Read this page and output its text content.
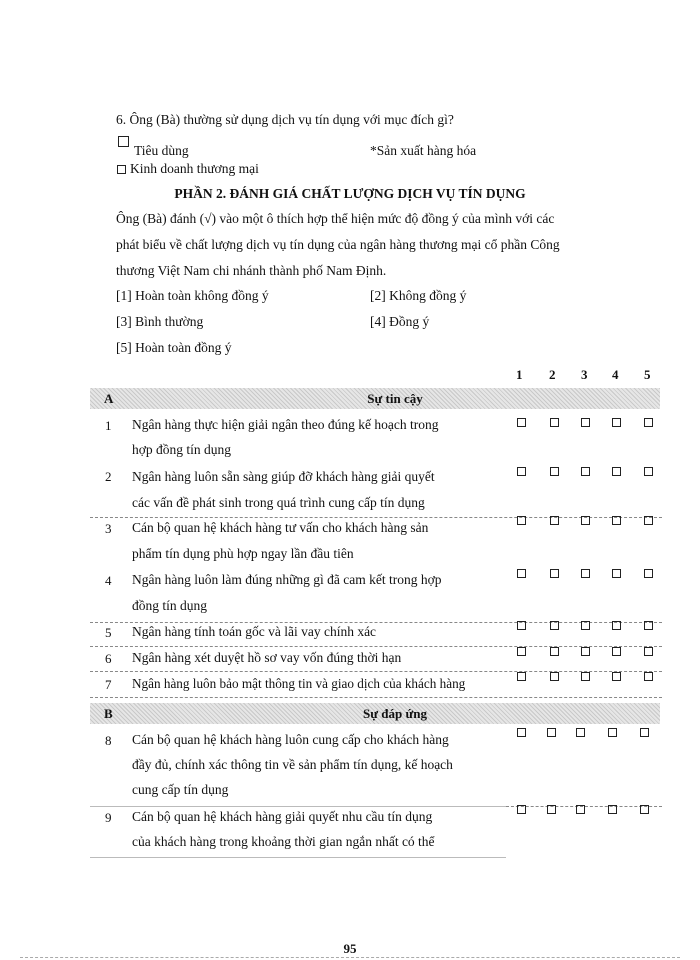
6. Ông (Bà) thường sử dụng dịch vụ tín dụng với mục đích gì?
Tiêu dùng	*Sản xuất hàng hóa
Kinh doanh thương mại
PHẦN 2. ĐÁNH GIÁ CHẤT LƯỢNG DỊCH VỤ TÍN DỤNG
Ông (Bà) đánh (√) vào một ô thích hợp thể hiện mức độ đồng ý của mình với các
phát biểu về chất lượng dịch vụ tín dụng của ngân hàng thương mại cổ phần Công
thương Việt Nam chi nhánh thành phố Nam Định.
[1] Hoàn toàn không đồng ý	[2] Không đồng ý
[3] Bình thường	[4] Đồng ý
[5] Hoàn toàn đồng ý
1 2 3 4 5
A	Sự tin cậy
1 Ngân hàng thực hiện giải ngân theo đúng kế hoạch trong
hợp đồng tín dụng
2 Ngân hàng luôn sẵn sàng giúp đỡ khách hàng giải quyết
các vấn đề phát sinh trong quá trình cung cấp tín dụng
3 Cán bộ quan hệ khách hàng tư vấn cho khách hàng sản
phẩm tín dụng phù hợp ngay lần đầu tiên
4 Ngân hàng luôn làm đúng những gì đã cam kết trong hợp
đồng tín dụng
5 Ngân hàng tính toán gốc và lãi vay chính xác
6 Ngân hàng xét duyệt hồ sơ vay vốn đúng thời hạn
7 Ngân hàng luôn bảo mật thông tin và giao dịch của khách hàng
B	Sự đáp ứng
8 Cán bộ quan hệ khách hàng luôn cung cấp cho khách hàng
đầy đủ, chính xác thông tin về sản phẩm tín dụng, kế hoạch
cung cấp tín dụng
9 Cán bộ quan hệ khách hàng giải quyết nhu cầu tín dụng
của khách hàng trong khoảng thời gian ngắn nhất có thể
95
